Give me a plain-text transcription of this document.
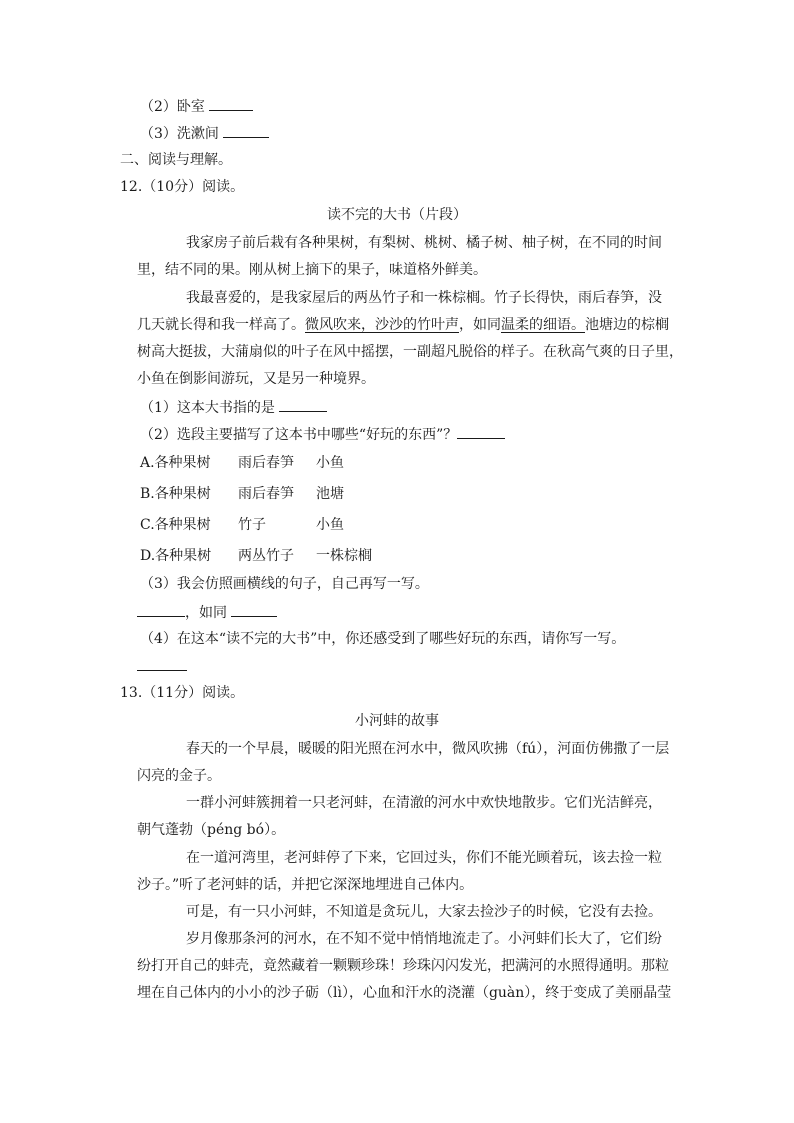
（2）卧室
（3）洗漱间
二、阅读与理解。
12.（10分）阅读。
读不完的大书（片段）
我家房子前后栽有各种果树，有梨树、桃树、橘子树、柚子树，在不同的时间
里，结不同的果。刚从树上摘下的果子，味道格外鲜美。
我最喜爱的，是我家屋后的两丛竹子和一株棕榈。竹子长得快，雨后春笋，没
几天就长得和我一样高了。微风吹来，沙沙的竹叶声，如同温柔的细语。池塘边的棕榈
树高大挺拔，大蒲扇似的叶子在风中摇摆，一副超凡脱俗的样子。在秋高气爽的日子里，
小鱼在倒影间游玩，又是另一种境界。
（1）这本大书指的是
（2）选段主要描写了这本书中哪些“好玩的东西”？
A.各种果树 雨后春笋 小鱼
B.各种果树 雨后春笋 池塘
C.各种果树 竹子	小鱼
D.各种果树 两丛竹子 一株棕榈
（3）我会仿照画横线的句子，自己再写一写。
，如同
（4）在这本“读不完的大书”中，你还感受到了哪些好玩的东西，请你写一写。
13.（11分）阅读。
小河蚌的故事
春天的一个早晨，暖暖的阳光照在河水中，微风吹拂（fú），河面仿佛撒了一层
闪亮的金子。
一群小河蚌簇拥着一只老河蚌，在清澈的河水中欢快地散步。它们光洁鲜亮，
朝气蓬勃（péng bó）。
在一道河湾里，老河蚌停了下来，它回过头，你们不能光顾着玩，该去捡一粒
沙子。”听了老河蚌的话，并把它深深地埋进自己体内。
可是，有一只小河蚌，不知道是贪玩儿，大家去捡沙子的时候，它没有去捡。
岁月像那条河的河水，在不知不觉中悄悄地流走了。小河蚌们长大了，它们纷
纷打开自己的蚌壳，竟然藏着一颗颗珍珠！珍珠闪闪发光，把满河的水照得通明。那粒
埋在自己体内的小小的沙子砺（lì），心血和汗水的浇灌（guàn），终于变成了美丽晶莹
